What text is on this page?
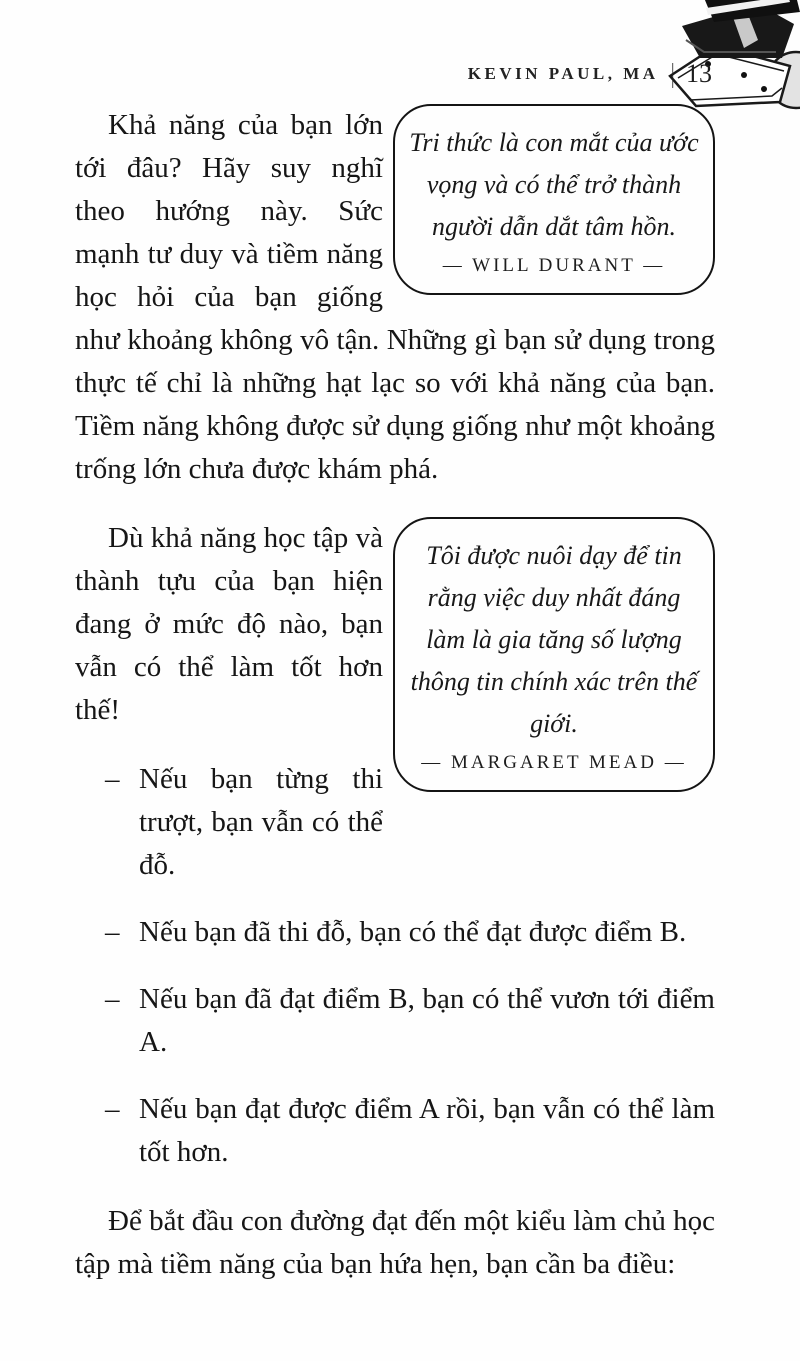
KEVIN PAUL, MA | 13
Tri thức là con mắt của ước vọng và có thể trở thành người dẫn dắt tâm hồn.
— WILL DURANT —

Khả năng của bạn lớn tới đâu? Hãy suy nghĩ theo hướng này. Sức mạnh tư duy và tiềm năng học hỏi của bạn giống như khoảng không vô tận. Những gì bạn sử dụng trong thực tế chỉ là những hạt lạc so với khả năng của bạn. Tiềm năng không được sử dụng giống như một khoảng trống lớn chưa được khám phá.

Tôi được nuôi dạy để tin rằng việc duy nhất đáng làm là gia tăng số lượng thông tin chính xác trên thế giới.
— MARGARET MEAD —

Dù khả năng học tập và thành tựu của bạn hiện đang ở mức độ nào, bạn vẫn có thể làm tốt hơn thế!

– Nếu bạn từng thi trượt, bạn vẫn có thể đỗ.
– Nếu bạn đã thi đỗ, bạn có thể đạt được điểm B.
– Nếu bạn đã đạt điểm B, bạn có thể vươn tới điểm A.
– Nếu bạn đạt được điểm A rồi, bạn vẫn có thể làm tốt hơn.

Để bắt đầu con đường đạt đến một kiểu làm chủ học tập mà tiềm năng của bạn hứa hẹn, bạn cần ba điều:
